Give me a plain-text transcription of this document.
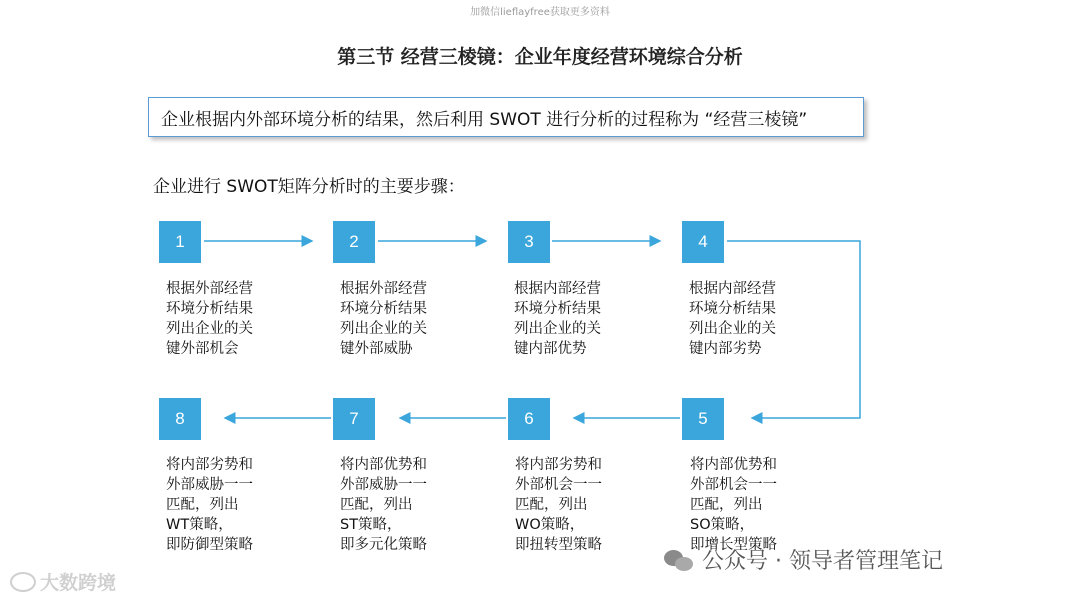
加微信lieflayfree获取更多资料
第三节 经营三棱镜：企业年度经营环境综合分析
企业根据内外部环境分析的结果，然后利用 SWOT 进行分析的过程称为 “经营三棱镜”
企业进行 SWOT矩阵分析时的主要步骤：
1
根据外部经营
环境分析结果
列出企业的关
键外部机会
2
根据外部经营
环境分析结果
列出企业的关
键外部威胁
3
根据内部经营
环境分析结果
列出企业的关
键内部优势
4
根据内部经营
环境分析结果
列出企业的关
键内部劣势
5
将内部优势和
外部机会一一
匹配，列出
SO策略，
即增长型策略
6
将内部劣势和
外部机会一一
匹配，列出
WO策略，
即扭转型策略
7
将内部优势和
外部威胁一一
匹配，列出
ST策略，
即多元化策略
8
将内部劣势和
外部威胁一一
匹配，列出
WT策略，
即防御型策略
大数跨境
公众号 · 领导者管理笔记
